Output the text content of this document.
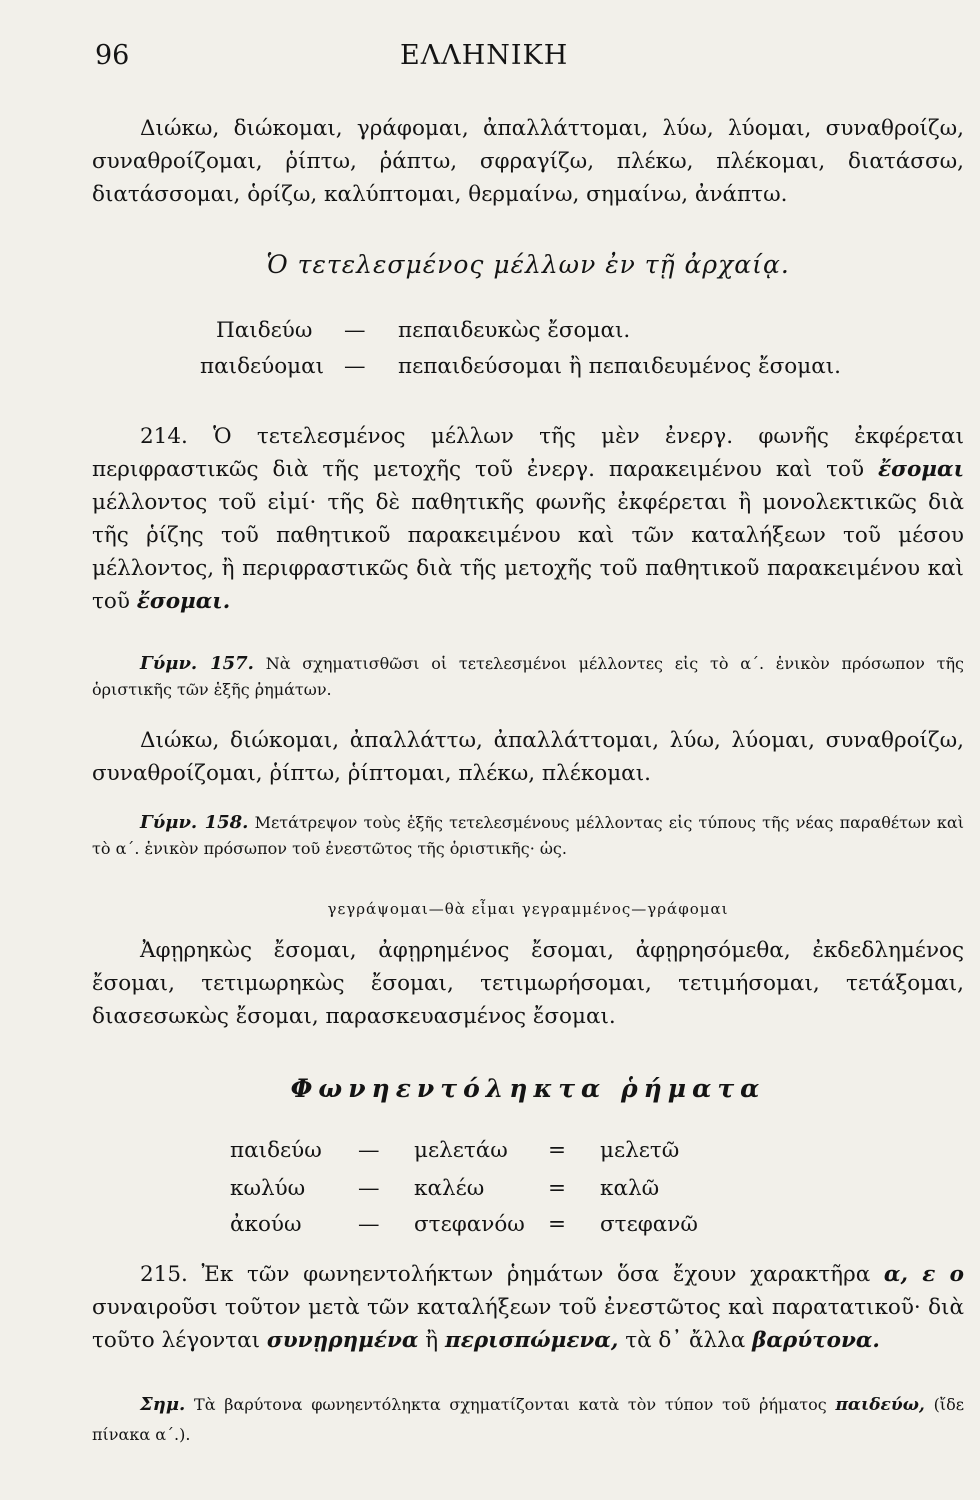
96	ΕΛΛΗΝΙΚΗ

Διώκω, διώκομαι, γράφομαι, ἀπαλλάττομαι, λύω, λύομαι, συναθροίζω, συναθροίζομαι, ῥίπτω, ῥάπτω, σφραγίζω, πλέκω, πλέκομαι, διατάσσω, διατάσσομαι, ὁρίζω, καλύπτομαι, θερμαίνω, σημαίνω, ἀνάπτω.

Ὁ τετελεσμένος μέλλων ἐν τῇ ἀρχαίᾳ.
Παιδεύω — πεπαιδευκὼς ἔσομαι.
παιδεύομαι — πεπαιδεύσομαι ἢ πεπαιδευμένος ἔσομαι.

214. Ὁ τετελεσμένος μέλλων τῆς μὲν ἐνεργ. φωνῆς ἐκφέρεται περιφραστικῶς διὰ τῆς μετοχῆς τοῦ ἐνεργ. παρακειμένου καὶ τοῦ ἔσομαι μέλλοντος τοῦ εἰμί· τῆς δὲ παθητικῆς φωνῆς ἐκφέρεται ἢ μονολεκτικῶς διὰ τῆς ῥίζης τοῦ παθητικοῦ παρακειμένου καὶ τῶν καταλήξεων τοῦ μέσου μέλλοντος, ἢ περιφραστικῶς διὰ τῆς μετοχῆς τοῦ παθητικοῦ παρακειμένου καὶ τοῦ ἔσομαι.

Γύμν. 157. Νὰ σχηματισθῶσι οἱ τετελεσμένοι μέλλοντες εἰς τὸ α΄. ἑνικὸν πρόσωπον τῆς ὁριστικῆς τῶν ἑξῆς ῥημάτων.

Διώκω, διώκομαι, ἀπαλλάττω, ἀπαλλάττομαι, λύω, λύομαι, συναθροίζω, συναθροίζομαι, ῥίπτω, ῥίπτομαι, πλέκω, πλέκομαι.

Γύμν. 158. Μετάτρεψον τοὺς ἑξῆς τετελεσμένους μέλλοντας εἰς τύπους τῆς νέας παραθέτων καὶ τὸ α΄. ἑνικὸν πρόσωπον τοῦ ἐνεστῶτος τῆς ὁριστικῆς· ὡς.

γεγράψομαι—θὰ εἶμαι γεγραμμένος—γράφομαι

Ἀφῃρηκὼς ἔσομαι, ἀφῃρημένος ἔσομαι, ἀφῃρησόμεθα, ἐκδεδλημένος ἔσομαι, τετιμωρηκὼς ἔσομαι, τετιμωρήσομαι, τετιμήσομαι, τετάξομαι, διασεσωκὼς ἔσομαι, παρασκευασμένος ἔσομαι.

Φωνηεντόληκτα ῥήματα
παιδεύω — μελετάω = μελετῶ
κωλύω — καλέω	= καλῶ
ἀκούω	— στεφανόω = στεφανῶ

215. Ἐκ τῶν φωνηεντολήκτων ῥημάτων ὅσα ἔχουν χαρακτῆρα α, ε ο συναιροῦσι τοῦτον μετὰ τῶν καταλήξεων τοῦ ἐνεστῶτος καὶ παρατατικοῦ· διὰ τοῦτο λέγονται συνῃρημένα ἢ περισπώμενα, τὰ δ᾽ ἄλλα βαρύτονα.

Σημ. Τὰ βαρύτονα φωνηεντόληκτα σχηματίζονται κατὰ τὸν τύπον τοῦ ῥήματος παιδεύω, (ἴδε πίνακα α΄.).
